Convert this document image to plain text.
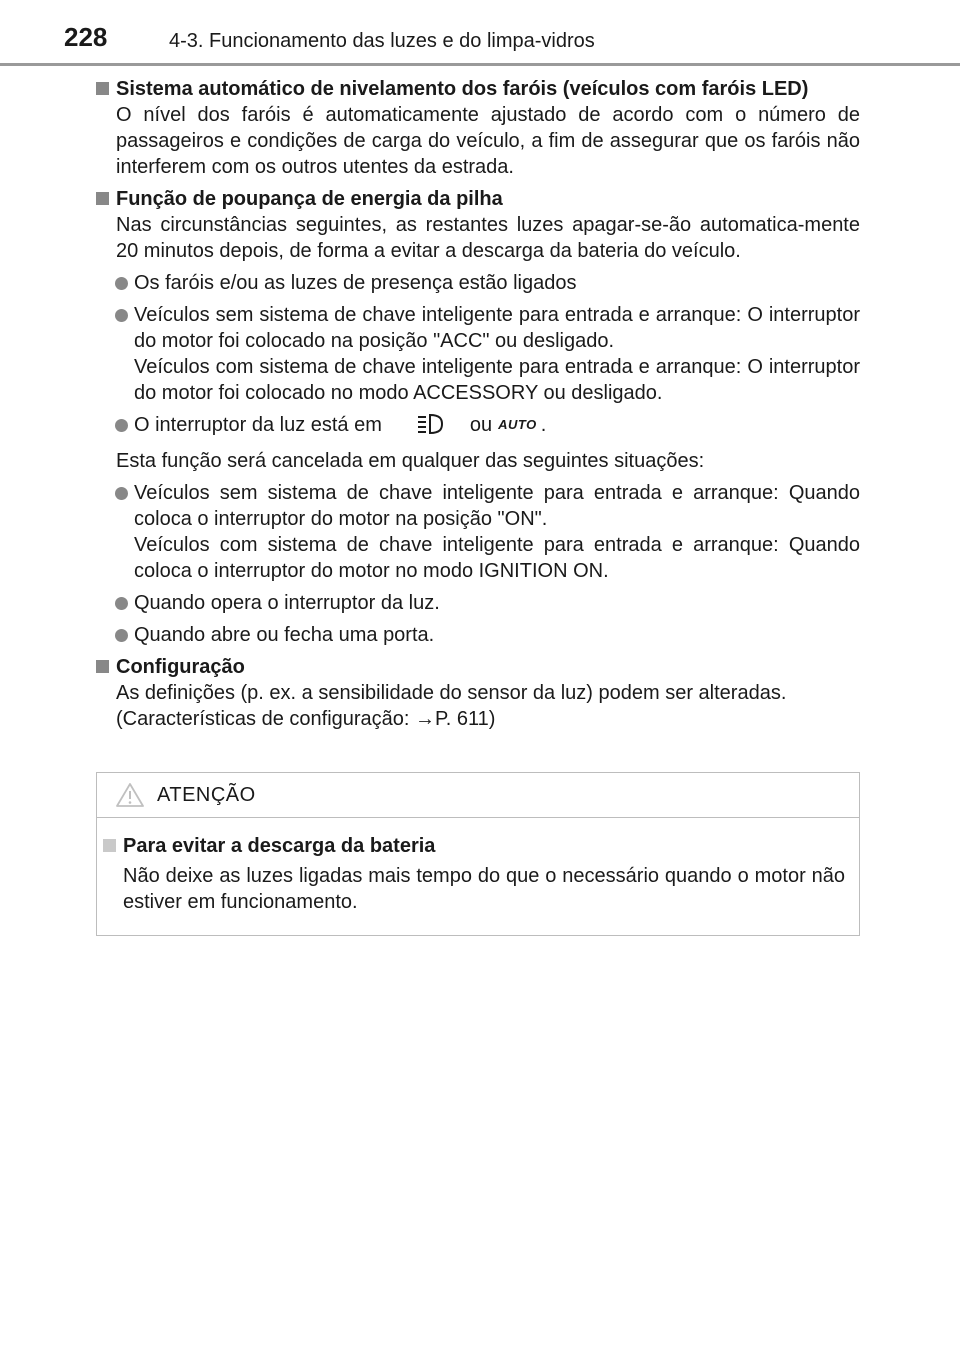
228	4-3. Funcionamento das luzes e do limpa-vidros
Sistema automático de nivelamento dos faróis (veículos com faróis LED)
O nível dos faróis é automaticamente ajustado de acordo com o número de passageiros e condições de carga do veículo, a fim de assegurar que os faróis não interferem com os outros utentes da estrada.
Função de poupança de energia da pilha
Nas circunstâncias seguintes, as restantes luzes apagar-se-ão automatica-mente 20 minutos depois, de forma a evitar a descarga da bateria do veículo.
Os faróis e/ou as luzes de presença estão ligados
Veículos sem sistema de chave inteligente para entrada e arranque: O interruptor do motor foi colocado na posição "ACC" ou desligado.
Veículos com sistema de chave inteligente para entrada e arranque: O interruptor do motor foi colocado no modo ACCESSORY ou desligado.
O interruptor da luz está em	ou AUTO .
Esta função será cancelada em qualquer das seguintes situações:
Veículos sem sistema de chave inteligente para entrada e arranque: Quando coloca o interruptor do motor na posição "ON".
Veículos com sistema de chave inteligente para entrada e arranque: Quando coloca o interruptor do motor no modo IGNITION ON.
Quando opera o interruptor da luz.
Quando abre ou fecha uma porta.
Configuração
As definições (p. ex. a sensibilidade do sensor da luz) podem ser alteradas.
(Características de configuração: →P. 611)
ATENÇÃO
Para evitar a descarga da bateria
Não deixe as luzes ligadas mais tempo do que o necessário quando o motor não estiver em funcionamento.
